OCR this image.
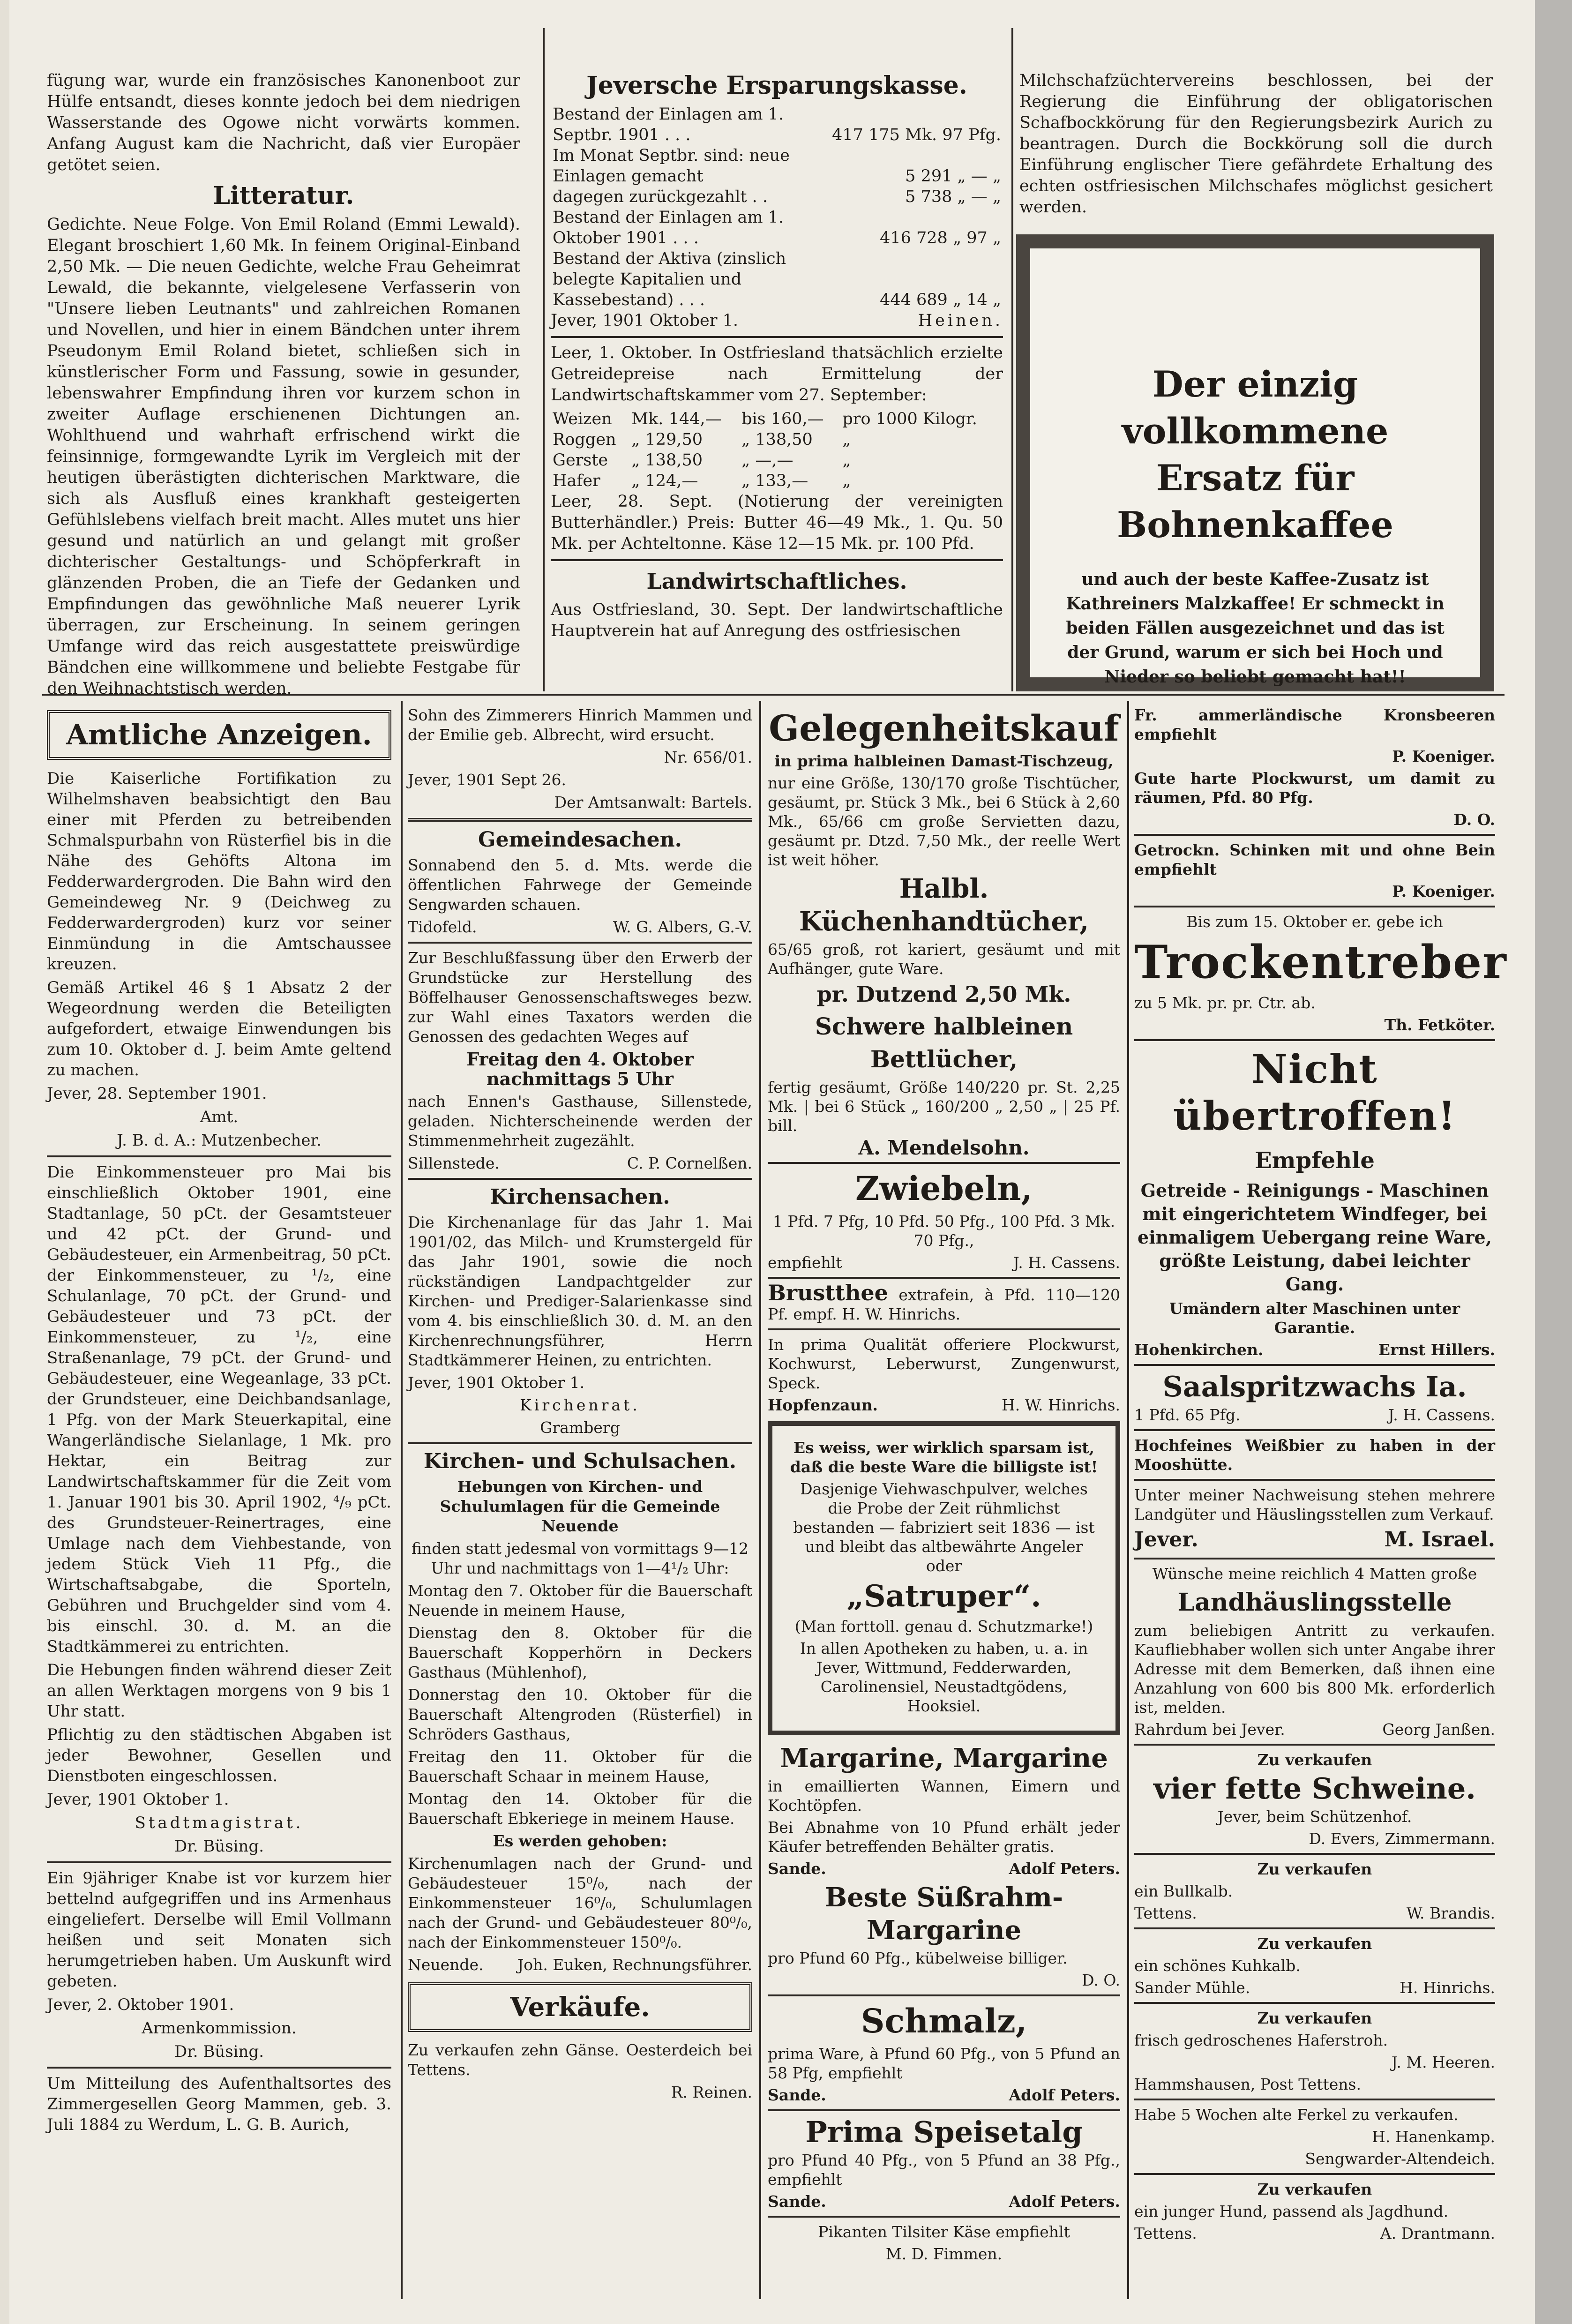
fügung war, wurde ein französisches Kanonenboot zur Hülfe entsandt, dieses konnte jedoch bei dem niedrigen Wasserstande des Ogowe nicht vorwärts kommen. Anfang August kam die Nachricht, daß vier Europäer getötet seien.

Litteratur.

Gedichte. Neue Folge. Von Emil Roland (Emmi Lewald). Elegant broschiert 1,60 Mk. In feinem Original-Einband 2,50 Mk. — Die neuen Gedichte, welche Frau Geheimrat Lewald, die bekannte, vielgelesene Verfasserin von "Unsere lieben Leutnants" und zahlreichen Romanen und Novellen, und hier in einem Bändchen unter ihrem Pseudonym Emil Roland bietet, schließen sich in künstlerischer Form und Fassung, sowie in gesunder, lebenswahrer Empfindung ihren vor kurzem schon in zweiter Auflage erschienenen Dichtungen an. Wohlthuend und wahrhaft erfrischend wirkt die feinsinnige, formgewandte Lyrik im Vergleich mit der heutigen überästigten dichterischen Marktware, die sich als Ausfluß eines krankhaft gesteigerten Gefühlslebens vielfach breit macht. Alles mutet uns hier gesund und natürlich an und gelangt mit großer dichterischer Gestaltungs- und Schöpferkraft in glänzenden Proben, die an Tiefe der Gedanken und Empfindungen das gewöhnliche Maß neuerer Lyrik überragen, zur Erscheinung. In seinem geringen Umfange wird das reich ausgestattete preiswürdige Bändchen eine willkommene und beliebte Festgabe für den Weihnachtstisch werden.

Jeversche Ersparungskasse.
Bestand der Einlagen am 1. Septbr. 1901 . . .	417 175 Mk. 97 Pfg.
Im Monat Septbr. sind: neue Einlagen gemacht	5 291 „ — „
dagegen zurückgezahlt . .	5 738 „ — „
Bestand der Einlagen am 1. Oktober 1901 . . .	416 728 „ 97 „
Bestand der Aktiva (zinslich belegte Kapitalien und Kassebestand) . . .	444 689 „ 14 „

Jever, 1901 Oktober 1.	Heinen.

Leer, 1. Oktober. In Ostfriesland thatsächlich erzielte Getreidepreise nach Ermittelung der Landwirtschaftskammer vom 27. September:

Weizen	Mk. 144,—	bis 160,—	pro 1000 Kilogr.
Roggen	„ 129,50	„ 138,50	„
Gerste	„ 138,50	„ —,—	„
Hafer	„ 124,—	„ 133,—	„

Leer, 28. Sept. (Notierung der vereinigten Butterhändler.) Preis: Butter 46—49 Mk., 1. Qu. 50 Mk. per Achteltonne. Käse 12—15 Mk. pr. 100 Pfd.

Landwirtschaftliches.

Aus Ostfriesland, 30. Sept. Der landwirtschaftliche Hauptverein hat auf Anregung des ostfriesischen

Milchschafzüchtervereins beschlossen, bei der Regierung die Einführung der obligatorischen Schafbockkörung für den Regierungsbezirk Aurich zu beantragen. Durch die Bockkörung soll die durch Einführung englischer Tiere gefährdete Erhaltung des echten ostfriesischen Milchschafes möglichst gesichert werden.

Der einzig vollkommene
Ersatz für Bohnenkaffee
und auch der beste Kaffee-Zusatz ist Kathreiners Malzkaffee! Er schmeckt in beiden Fällen ausgezeichnet und das ist der Grund, warum er sich bei Hoch und Nieder so beliebt gemacht hat!!
Amtliche Anzeigen.

Die Kaiserliche Fortifikation zu Wilhelmshaven beabsichtigt den Bau einer mit Pferden zu betreibenden Schmalspurbahn von Rüsterfiel bis in die Nähe des Gehöfts Altona im Fedderwardergroden. Die Bahn wird den Gemeindeweg Nr. 9 (Deichweg zu Fedderwardergroden) kurz vor seiner Einmündung in die Amtschaussee kreuzen.

Gemäß Artikel 46 § 1 Absatz 2 der Wegeordnung werden die Beteiligten aufgefordert, etwaige Einwendungen bis zum 10. Oktober d. J. beim Amte geltend zu machen.

Jever, 28. September 1901.

Amt.

J. B. d. A.: Mutzenbecher.

Die Einkommensteuer pro Mai bis einschließlich Oktober 1901, eine Stadtanlage, 50 pCt. der Gesamtsteuer und 42 pCt. der Grund- und Gebäudesteuer, ein Armenbeitrag, 50 pCt. der Einkommensteuer, zu ¹/₂, eine Schulanlage, 70 pCt. der Grund- und Gebäudesteuer und 73 pCt. der Einkommensteuer, zu ¹/₂, eine Straßenanlage, 79 pCt. der Grund- und Gebäudesteuer, eine Wegeanlage, 33 pCt. der Grundsteuer, eine Deichbandsanlage, 1 Pfg. von der Mark Steuerkapital, eine Wangerländische Sielanlage, 1 Mk. pro Hektar, ein Beitrag zur Landwirtschaftskammer für die Zeit vom 1. Januar 1901 bis 30. April 1902, ⁴/₉ pCt. des Grundsteuer-Reinertrages, eine Umlage nach dem Viehbestande, von jedem Stück Vieh 11 Pfg., die Wirtschaftsabgabe, die Sporteln, Gebühren und Bruchgelder sind vom 4. bis einschl. 30. d. M. an die Stadtkämmerei zu entrichten.

Die Hebungen finden während dieser Zeit an allen Werktagen morgens von 9 bis 1 Uhr statt.

Pflichtig zu den städtischen Abgaben ist jeder Bewohner, Gesellen und Dienstboten eingeschlossen.

Jever, 1901 Oktober 1.

Stadtmagistrat.

Dr. Büsing.

Ein 9jähriger Knabe ist vor kurzem hier bettelnd aufgegriffen und ins Armenhaus eingeliefert. Derselbe will Emil Vollmann heißen und seit Monaten sich herumgetrieben haben. Um Auskunft wird gebeten.

Jever, 2. Oktober 1901.

Armenkommission.

Dr. Büsing.

Um Mitteilung des Aufenthaltsortes des Zimmergesellen Georg Mammen, geb. 3. Juli 1884 zu Werdum, L. G. B. Aurich,

Sohn des Zimmerers Hinrich Mammen und der Emilie geb. Albrecht, wird ersucht.

Nr. 656/01.

Jever, 1901 Sept 26.

Der Amtsanwalt: Bartels.

Gemeindesachen.

Sonnabend den 5. d. Mts. werde die öffentlichen Fahrwege der Gemeinde Sengwarden schauen.

Tidofeld.	W. G. Albers, G.-V.

Zur Beschlußfassung über den Erwerb der Grundstücke zur Herstellung des Böffelhauser Genossenschaftsweges bezw. zur Wahl eines Taxators werden die Genossen des gedachten Weges auf

Freitag den 4. Oktober nachmittags 5 Uhr

nach Ennen's Gasthause, Sillenstede, geladen. Nichterscheinende werden der Stimmenmehrheit zugezählt.

Sillenstede.	C. P. Cornelßen.

Kirchensachen.

Die Kirchenanlage für das Jahr 1. Mai 1901/02, das Milch- und Krumstergeld für das Jahr 1901, sowie die noch rückständigen Landpachtgelder zur Kirchen- und Prediger-Salarienkasse sind vom 4. bis einschließlich 30. d. M. an den Kirchenrechnungsführer, Herrn Stadtkämmerer Heinen, zu entrichten.

Jever, 1901 Oktober 1.

Kirchenrat.

Gramberg

Kirchen- und Schulsachen.

Hebungen von Kirchen- und Schulumlagen für die Gemeinde Neuende

finden statt jedesmal von vormittags 9—12 Uhr und nachmittags von 1—4¹/₂ Uhr:

Montag den 7. Oktober für die Bauerschaft Neuende in meinem Hause,

Dienstag den 8. Oktober für die Bauerschaft Kopperhörn in Deckers Gasthaus (Mühlenhof),

Donnerstag den 10. Oktober für die Bauerschaft Altengroden (Rüsterfiel) in Schröders Gasthaus,

Freitag den 11. Oktober für die Bauerschaft Schaar in meinem Hause,

Montag den 14. Oktober für die Bauerschaft Ebkeriege in meinem Hause.

Es werden gehoben:

Kirchenumlagen nach der Grund- und Gebäudesteuer 15⁰/₀, nach der Einkommensteuer 16⁰/₀, Schulumlagen nach der Grund- und Gebäudesteuer 80⁰/₀, nach der Einkommensteuer 150⁰/₀.

Neuende. Joh. Euken, Rechnungsführer.

Verkäufe.

Zu verkaufen zehn Gänse. Oesterdeich bei Tettens.

R. Reinen.

Gelegenheitskauf

in prima halbleinen Damast-Tischzeug,

nur eine Größe, 130/170 große Tischtücher, gesäumt, pr. Stück 3 Mk., bei 6 Stück à 2,60 Mk., 65/66 cm große Servietten dazu, gesäumt pr. Dtzd. 7,50 Mk., der reelle Wert ist weit höher.

Halbl. Küchenhandtücher,

65/65 groß, rot kariert, gesäumt und mit Aufhänger, gute Ware.

pr. Dutzend 2,50 Mk.

Schwere halbleinen Bettlücher,

fertig gesäumt, Größe 140/220 pr. St. 2,25 Mk. | bei 6 Stück „ 160/200 „ 2,50 „ | 25 Pf. bill.

A. Mendelsohn.

Zwiebeln,

1 Pfd. 7 Pfg, 10 Pfd. 50 Pfg., 100 Pfd. 3 Mk. 70 Pfg.,

empfiehlt	J. H. Cassens.

Brustthee extrafein, à Pfd. 110—120 Pf. empf. H. W. Hinrichs.

In prima Qualität offeriere Plockwurst, Kochwurst, Leberwurst, Zungenwurst, Speck.

Hopfenzaun.	H. W. Hinrichs.

Es weiss, wer wirklich sparsam ist, daß die beste Ware die billigste ist!

Dasjenige Viehwaschpulver, welches die Probe der Zeit rühmlichst bestanden — fabriziert seit 1836 — ist und bleibt das altbewährte Angeler oder

„Satruper“.

(Man forttoll. genau d. Schutzmarke!)

In allen Apotheken zu haben, u. a. in Jever, Wittmund, Fedderwarden, Carolinensiel, Neustadtgödens, Hooksiel.

Margarine, Margarine

in emaillierten Wannen, Eimern und Kochtöpfen.

Bei Abnahme von 10 Pfund erhält jeder Käufer betreffenden Behälter gratis.

Sande.	Adolf Peters.

Beste Süßrahm-Margarine

pro Pfund 60 Pfg., kübelweise billiger.

D. O.

Schmalz,

prima Ware, à Pfund 60 Pfg., von 5 Pfund an 58 Pfg, empfiehlt

Sande.	Adolf Peters.

Prima Speisetalg

pro Pfund 40 Pfg., von 5 Pfund an 38 Pfg., empfiehlt

Sande.	Adolf Peters.

Pikanten Tilsiter Käse empfiehlt

M. D. Fimmen.

Fr. ammerländische Kronsbeeren empfiehlt

P. Koeniger.

Gute harte Plockwurst, um damit zu räumen, Pfd. 80 Pfg.

D. O.

Getrockn. Schinken mit und ohne Bein empfiehlt

P. Koeniger.

Bis zum 15. Oktober er. gebe ich

Trockentreber

zu 5 Mk. pr. pr. Ctr. ab.

Th. Fetköter.

Nicht übertroffen!
Empfehle

Getreide - Reinigungs - Maschinen mit eingerichtetem Windfeger, bei einmaligem Uebergang reine Ware, größte Leistung, dabei leichter Gang.

Umändern alter Maschinen unter Garantie.

Hohenkirchen.	Ernst Hillers.

Saalspritzwachs Ia.

1 Pfd. 65 Pfg.	J. H. Cassens.

Hochfeines Weißbier zu haben in der Mooshütte.

Unter meiner Nachweisung stehen mehrere Landgüter und Häuslingsstellen zum Verkauf.

Jever.	M. Israel.

Wünsche meine reichlich 4 Matten große

Landhäuslingsstelle

zum beliebigen Antritt zu verkaufen. Kaufliebhaber wollen sich unter Angabe ihrer Adresse mit dem Bemerken, daß ihnen eine Anzahlung von 600 bis 800 Mk. erforderlich ist, melden.

Rahrdum bei Jever.	Georg Janßen.

Zu verkaufen

vier fette Schweine.

Jever, beim Schützenhof.

D. Evers, Zimmermann.

Zu verkaufen

ein Bullkalb.

Tettens.	W. Brandis.

Zu verkaufen

ein schönes Kuhkalb.

Sander Mühle.	H. Hinrichs.

Zu verkaufen

frisch gedroschenes Haferstroh.

J. M. Heeren.

Hammshausen, Post Tettens.

Habe 5 Wochen alte Ferkel zu verkaufen.

H. Hanenkamp.

Sengwarder-Altendeich.

Zu verkaufen

ein junger Hund, passend als Jagdhund.

Tettens.	A. Drantmann.
